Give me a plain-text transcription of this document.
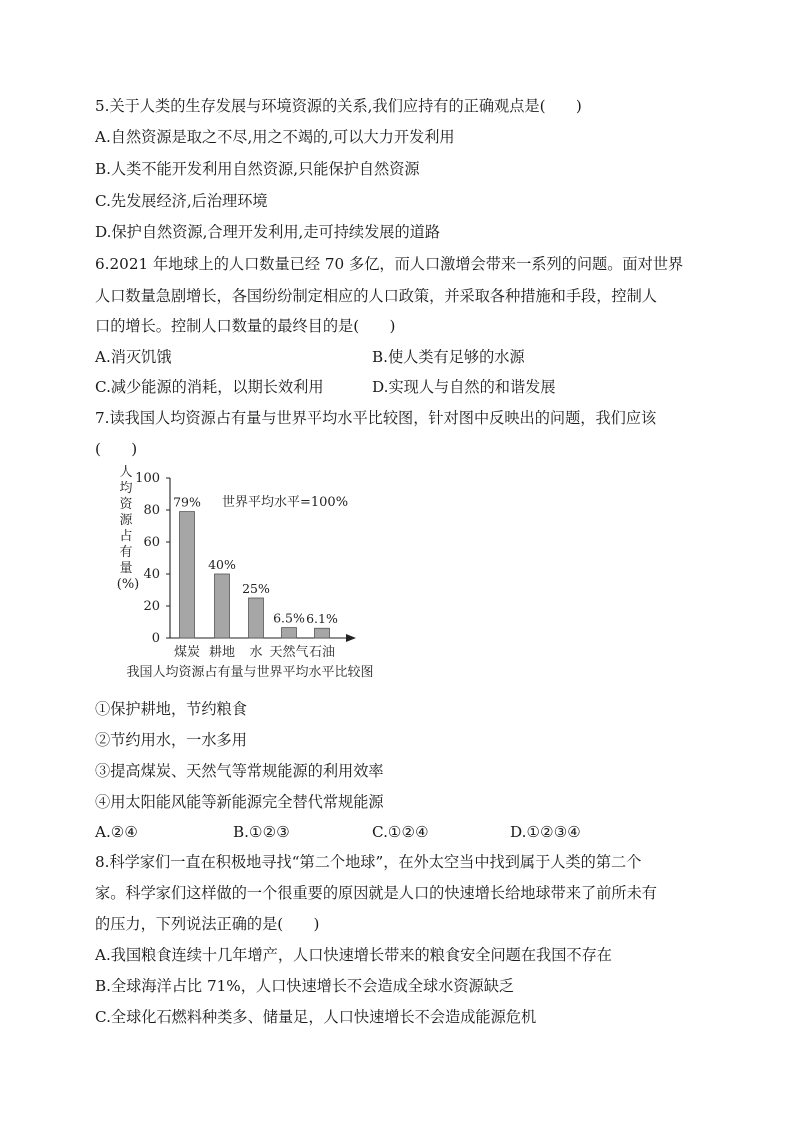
5.关于人类的生存发展与环境资源的关系,我们应持有的正确观点是(　　)
A.自然资源是取之不尽,用之不竭的,可以大力开发利用
B.人类不能开发利用自然资源,只能保护自然资源
C.先发展经济,后治理环境
D.保护自然资源,合理开发利用,走可持续发展的道路
6.2021 年地球上的人口数量已经 70 多亿，而人口激增会带来一系列的问题。面对世界
人口数量急剧增长，各国纷纷制定相应的人口政策，并采取各种措施和手段，控制人
口的增长。控制人口数量的最终目的是(　　)
A.消灭饥饿	B.使人类有足够的水源
C.减少能源的消耗，以期长效利用	D.实现人与自然的和谐发展
7.读我国人均资源占有量与世界平均水平比较图，针对图中反映出的问题，我们应该
(　　)
人
均
资
源
占
有
量
(%)
0
20
40
60
80
100
世界平均水平=100%
79%
煤炭
40%
耕地
25%
水
6.5%
天然气
6.1%
石油
我国人均资源占有量与世界平均水平比较图
①保护耕地，节约粮食
②节约用水，一水多用
③提高煤炭、天然气等常规能源的利用效率
④用太阳能风能等新能源完全替代常规能源
A.②④	B.①②③	C.①②④	D.①②③④
8.科学家们一直在积极地寻找“第二个地球”，在外太空当中找到属于人类的第二个
家。科学家们这样做的一个很重要的原因就是人口的快速增长给地球带来了前所未有
的压力，下列说法正确的是(　　)
A.我国粮食连续十几年增产，人口快速增长带来的粮食安全问题在我国不存在
B.全球海洋占比 71%，人口快速增长不会造成全球水资源缺乏
C.全球化石燃料种类多、储量足，人口快速增长不会造成能源危机
